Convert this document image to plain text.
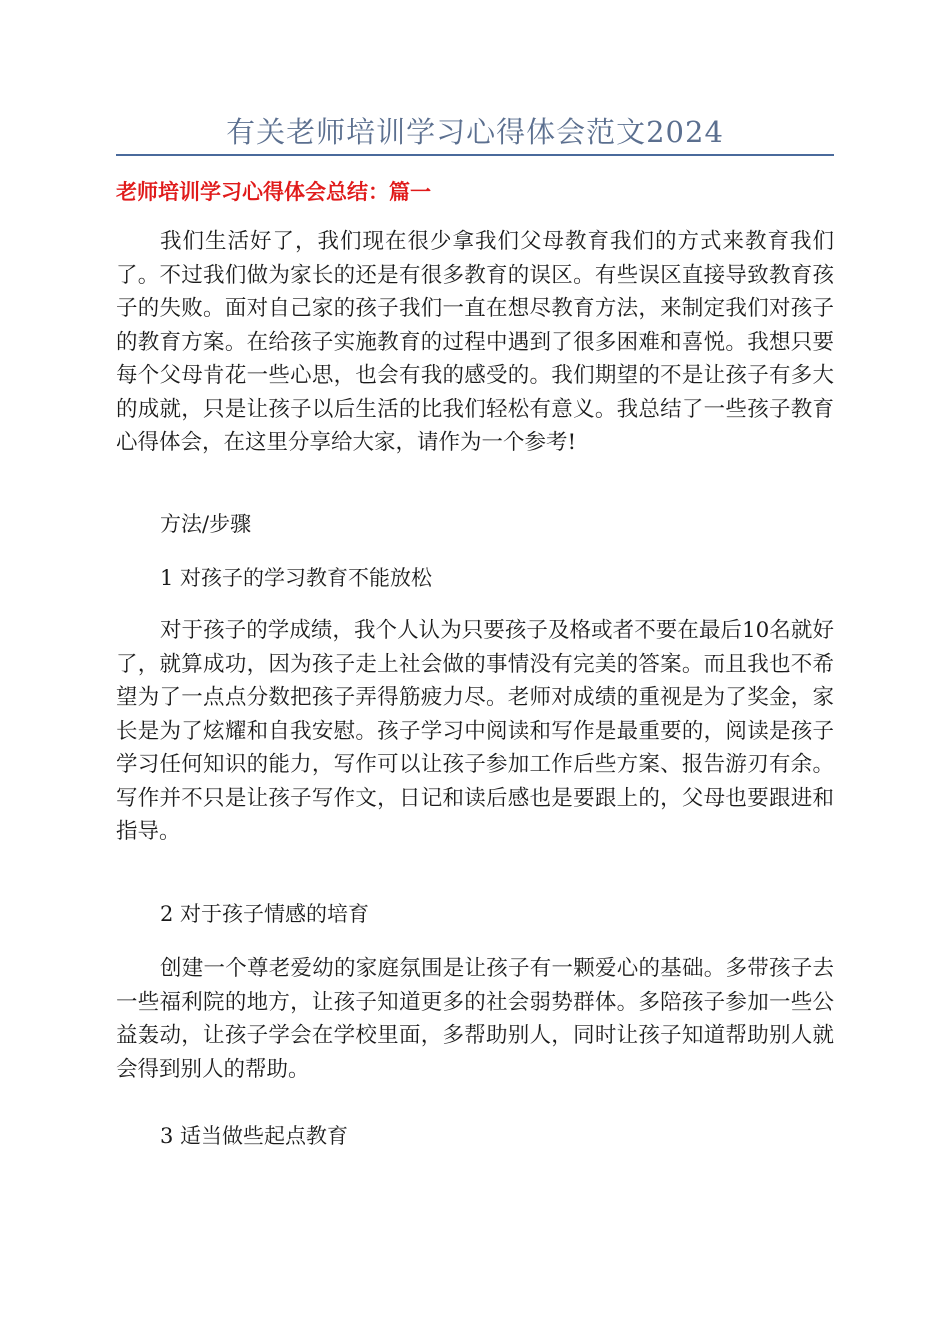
有关老师培训学习心得体会范文2024
老师培训学习心得体会总结：篇一

我们生活好了，我们现在很少拿我们父母教育我们的方式来教育我们了。不过我们做为家长的还是有很多教育的误区。有些误区直接导致教育孩子的失败。面对自己家的孩子我们一直在想尽教育方法，来制定我们对孩子的教育方案。在给孩子实施教育的过程中遇到了很多困难和喜悦。我想只要每个父母肯花一些心思，也会有我的感受的。我们期望的不是让孩子有多大的成就，只是让孩子以后生活的比我们轻松有意义。我总结了一些孩子教育心得体会，在这里分享给大家，请作为一个参考!

方法/步骤

1 对孩子的学习教育不能放松

对于孩子的学成绩，我个人认为只要孩子及格或者不要在最后10名就好了，就算成功，因为孩子走上社会做的事情没有完美的答案。而且我也不希望为了一点点分数把孩子弄得筋疲力尽。老师对成绩的重视是为了奖金，家长是为了炫耀和自我安慰。孩子学习中阅读和写作是最重要的，阅读是孩子学习任何知识的能力，写作可以让孩子参加工作后些方案、报告游刃有余。写作并不只是让孩子写作文，日记和读后感也是要跟上的，父母也要跟进和指导。

2 对于孩子情感的培育

创建一个尊老爱幼的家庭氛围是让孩子有一颗爱心的基础。多带孩子去一些福利院的地方，让孩子知道更多的社会弱势群体。多陪孩子参加一些公益轰动，让孩子学会在学校里面，多帮助别人，同时让孩子知道帮助别人就会得到别人的帮助。

3 适当做些起点教育
